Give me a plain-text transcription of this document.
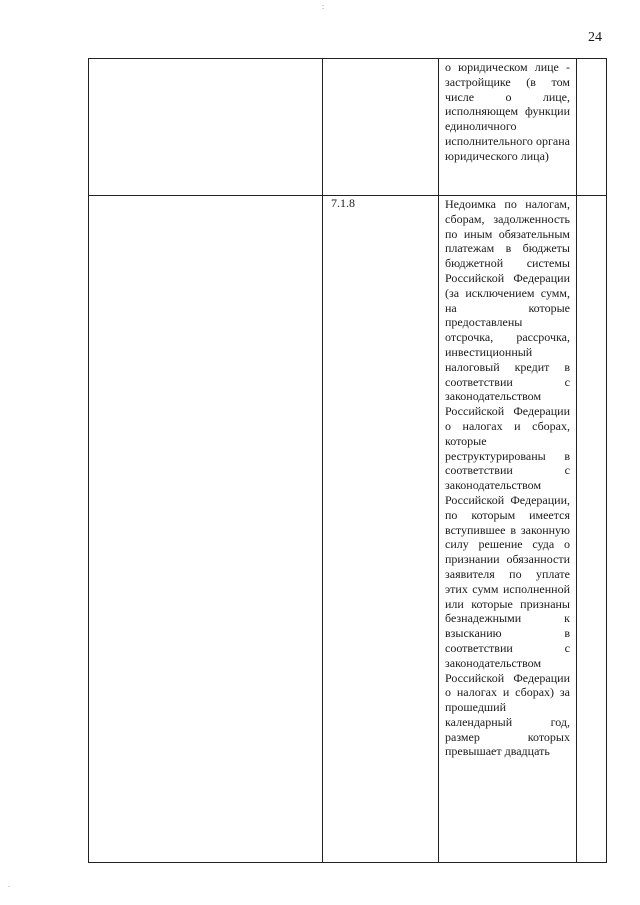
:
24

		о юридическом лице - застройщике (в том числе о лице, исполняющем функции единоличного исполнительного органа юридического лица)	

	7.1.8	Недоимка по налогам, сборам, задолженность по иным обязательным платежам в бюджеты бюджетной системы Российской Федерации (за исключением сумм, на которые предоставлены отсрочка, рассрочка, инвестиционный налоговый кредит в соответствии с законодательством Российской Федерации о налогах и сборах, которые реструктурированы в соответствии с законодательством Российской Федерации, по которым имеется вступившее в законную силу решение суда о признании обязанности заявителя по уплате этих сумм исполненной или которые признаны безнадежными к взысканию в соответствии с законодательством Российской Федерации о налогах и сборах) за прошедший календарный год, размер которых превышает двадцать	

.
